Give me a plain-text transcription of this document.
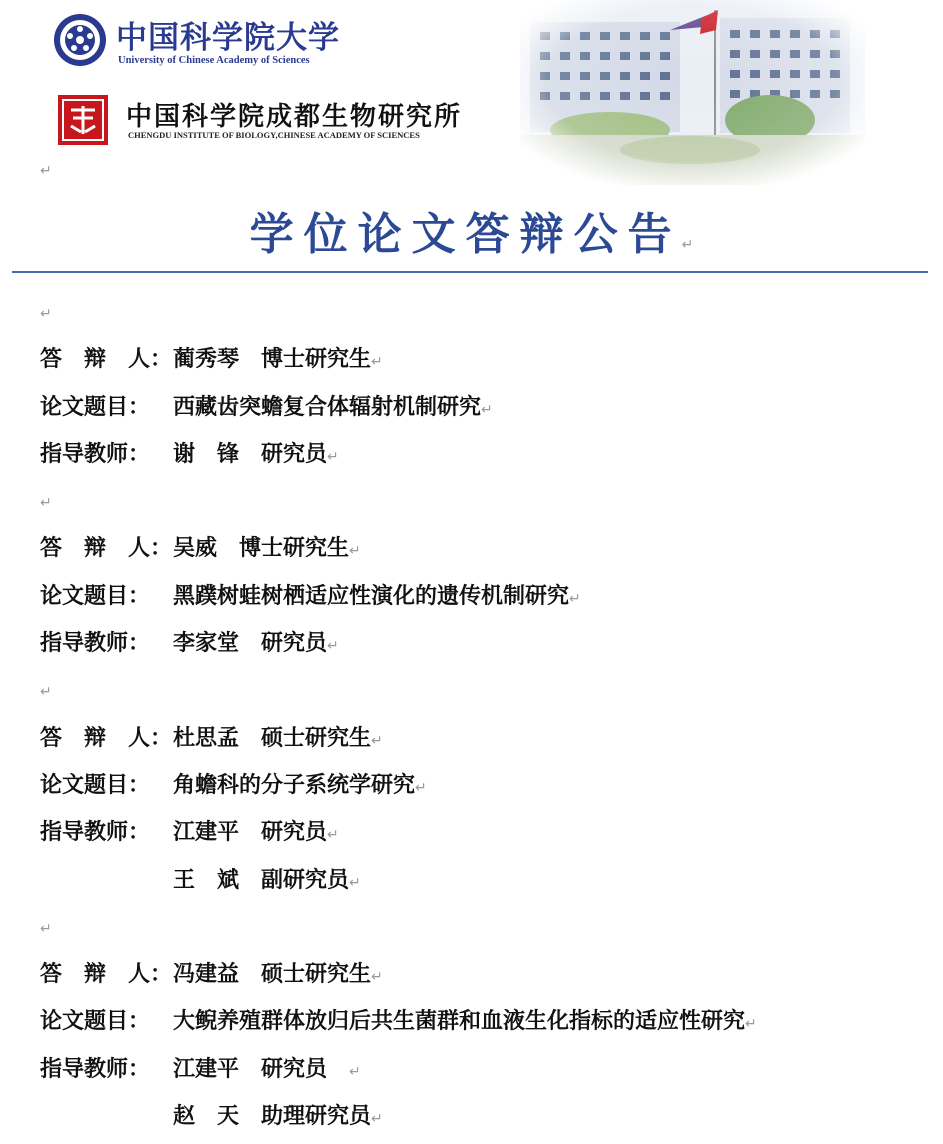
中国科学院大学
University of Chinese Academy of Sciences
中国科学院成都生物研究所
CHENGDU INSTITUTE OF BIOLOGY,CHINESE ACADEMY OF SCIENCES
↵
学位论文答辩公告↵
↵
答 辩 人：蔺秀琴 博士研究生↵
论文题目： 西藏齿突蟾复合体辐射机制研究↵
指导教师： 谢 锋 研究员↵
↵
答 辩 人：吴威 博士研究生↵
论文题目： 黑蹼树蛙树栖适应性演化的遗传机制研究↵
指导教师： 李家堂 研究员↵
↵
答 辩 人：杜思孟 硕士研究生↵
论文题目： 角蟾科的分子系统学研究↵
指导教师： 江建平 研究员↵
王 斌 副研究员↵
↵
答 辩 人：冯建益 硕士研究生↵
论文题目： 大鲵养殖群体放归后共生菌群和血液生化指标的适应性研究↵
指导教师： 江建平 研究员 ↵
赵 天 助理研究员↵
